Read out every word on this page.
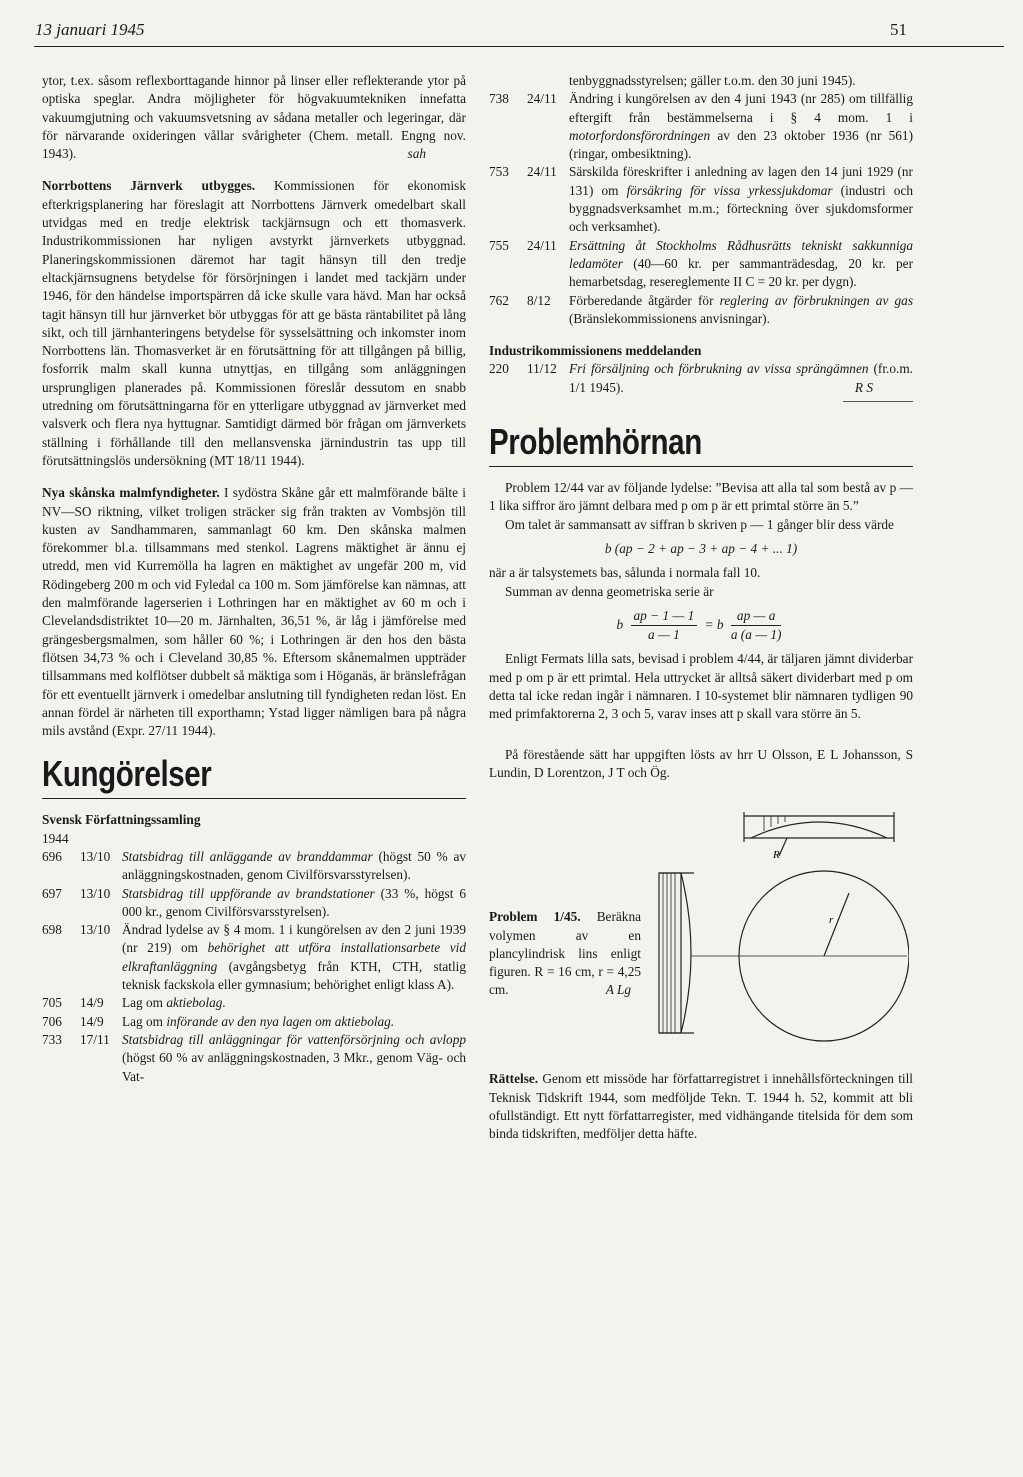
13 januari 1945	51

ytor, t.ex. såsom reflexborttagande hinnor på linser eller reflekterande ytor på optiska speglar. Andra möjligheter för högvakuumtekniken innefatta vakuumgjutning och vakuumsvetsning av sådana metaller och legeringar, där för närvarande oxideringen vållar svårigheter (Chem. metall. Engng nov. 1943).	sah

Norrbottens Järnverk utbygges. Kommissionen för ekonomisk efterkrigsplanering har föreslagit att Norrbottens Järnverk omedelbart skall utvidgas med en tredje elektrisk tackjärnsugn och ett thomasverk. Industrikommissionen har nyligen avstyrkt järnverkets utbyggnad. Planeringskommissionen däremot har tagit hänsyn till den tredje eltackjärnsugnens betydelse för försörjningen i landet med tackjärn under 1946, för den händelse importspärren då icke skulle vara hävd. Man har också tagit hänsyn till hur järnverket bör utbyggas för att ge bästa räntabilitet på lång sikt, och till järnhanteringens betydelse för sysselsättning och inkomster inom Norrbottens län. Thomasverket är en förutsättning för att tillgången på billig, fosforrik malm skall kunna utnyttjas, en tillgång som anläggningen ursprungligen planerades på. Kommissionen föreslår dessutom en snabb utredning om förutsättningarna för en ytterligare utbyggnad av järnverket med valsverk och flera nya hyttugnar. Samtidigt därmed bör frågan om järnverkets ställning i förhållande till den mellansvenska järnindustrin tas upp till förutsättningslös undersökning (MT 18/11 1944).

Nya skånska malmfyndigheter. I sydöstra Skåne går ett malmförande bälte i NV—SO riktning, vilket troligen sträcker sig från trakten av Vombsjön till kusten av Sandhammaren, sammanlagt 60 km. Den skånska malmen förekommer bl.a. tillsammans med stenkol. Lagrens mäktighet är ännu ej utredd, men vid Kurremölla ha lagren en mäktighet av ungefär 200 m, vid Rödingeberg 200 m och vid Fyledal ca 100 m. Som jämförelse kan nämnas, att den malmförande lagerserien i Lothringen har en mäktighet av 60 m och i Clevelandsdistriktet 10—20 m. Järnhalten, 36,51 %, är låg i jämförelse med grängesbergsmalmen, som håller 60 %; i Lothringen är den hos den bästa flötsen 34,73 % och i Cleveland 30,85 %. Eftersom skånemalmen uppträder tillsammans med kolflötser dubbelt så mäktiga som i Höganäs, är bränslefrågan för ett eventuellt järnverk i omedelbar anslutning till fyndigheten redan löst. En annan fördel är närheten till exporthamn; Ystad ligger nämligen bara på några mils avstånd (Expr. 27/11 1944).

Kungörelser

Svensk Författningssamling

1944

696	13/10 Statsbidrag till anläggande av branddammar (högst 50 % av anläggningskostnaden, genom Civilförsvarsstyrelsen).
697	13/10 Statsbidrag till uppförande av brandstationer (33 %, högst 6 000 kr., genom Civilförsvarsstyrelsen).
698	13/10 Ändrad lydelse av § 4 mom. 1 i kungörelsen av den 2 juni 1939 (nr 219) om behörighet att utföra installationsarbete vid elkraftanläggning (avgångsbetyg från KTH, CTH, statlig teknisk fackskola eller gymnasium; behörighet enligt klass A).
705	14/9	Lag om aktiebolag.
706	14/9	Lag om införande av den nya lagen om aktiebolag.
733	17/11 Statsbidrag till anläggningar för vattenförsörjning och avlopp (högst 60 % av anläggningskostnaden, 3 Mkr., genom Väg- och Vat-

tenbyggnadsstyrelsen; gäller t.o.m. den 30 juni 1945).

738	24/11 Ändring i kungörelsen av den 4 juni 1943 (nr 285) om tillfällig eftergift från bestämmelserna i § 4 mom. 1 i motorfordonsförordningen av den 23 oktober 1936 (nr 561) (ringar, ombesiktning).
753	24/11 Särskilda föreskrifter i anledning av lagen den 14 juni 1929 (nr 131) om försäkring för vissa yrkessjukdomar (industri och byggnadsverksamhet m.m.; förteckning över sjukdomsformer och verksamhet).
755	24/11 Ersättning åt Stockholms Rådhusrätts tekniskt sakkunniga ledamöter (40—60 kr. per sammanträdesdag, 20 kr. per hemarbetsdag, resereglemente II C = 20 kr. per dygn).
762	8/12	Förberedande åtgärder för reglering av förbrukningen av gas (Bränslekommissionens anvisningar).

Industrikommissionens meddelanden

220	11/12 Fri försäljning och förbrukning av vissa sprängämnen (fr.o.m. 1/1 1945).	R S
Problemhörnan

Problem 12/44 var av följande lydelse: ”Bevisa att alla tal som bestå av p — 1 lika siffror äro jämnt delbara med p om p är ett primtal större än 5.”

Om talet är sammansatt av siffran b skriven p — 1 gånger blir dess värde

b (ap − 2 + ap − 3 + ap − 4 + ... 1)

när a är talsystemets bas, sålunda i normala fall 10.

Summan av denna geometriska serie är

b $\frac{ap - 1 — 1}{a — 1} = b \frac{ap — a}{a (a — 1)}$

Enligt Fermats lilla sats, bevisad i problem 4/44, är täljaren jämnt dividerbar med p om p är ett primtal. Hela uttrycket är alltså säkert dividerbart med p om detta tal icke redan ingår i nämnaren. I 10-systemet blir nämnaren tydligen 90 med primfaktorerna 2, 3 och 5, varav inses att p skall vara större än 5.

På förestående sätt har uppgiften lösts av hrr U Olsson, E L Johansson, S Lundin, D Lorentzon, J T och Ög.

Problem 1/45. Beräkna volymen av en plancylindrisk lins enligt figuren. R = 16 cm, r = 4,25 cm.	A Lg

R
r

Rättelse. Genom ett missöde har författarregistret i innehållsförteckningen till Teknisk Tidskrift 1944, som medföljde Tekn. T. 1944 h. 52, kommit att bli ofullständigt. Ett nytt författarregister, med vidhängande titelsida för dem som binda tidskriften, medföljer detta häfte.
